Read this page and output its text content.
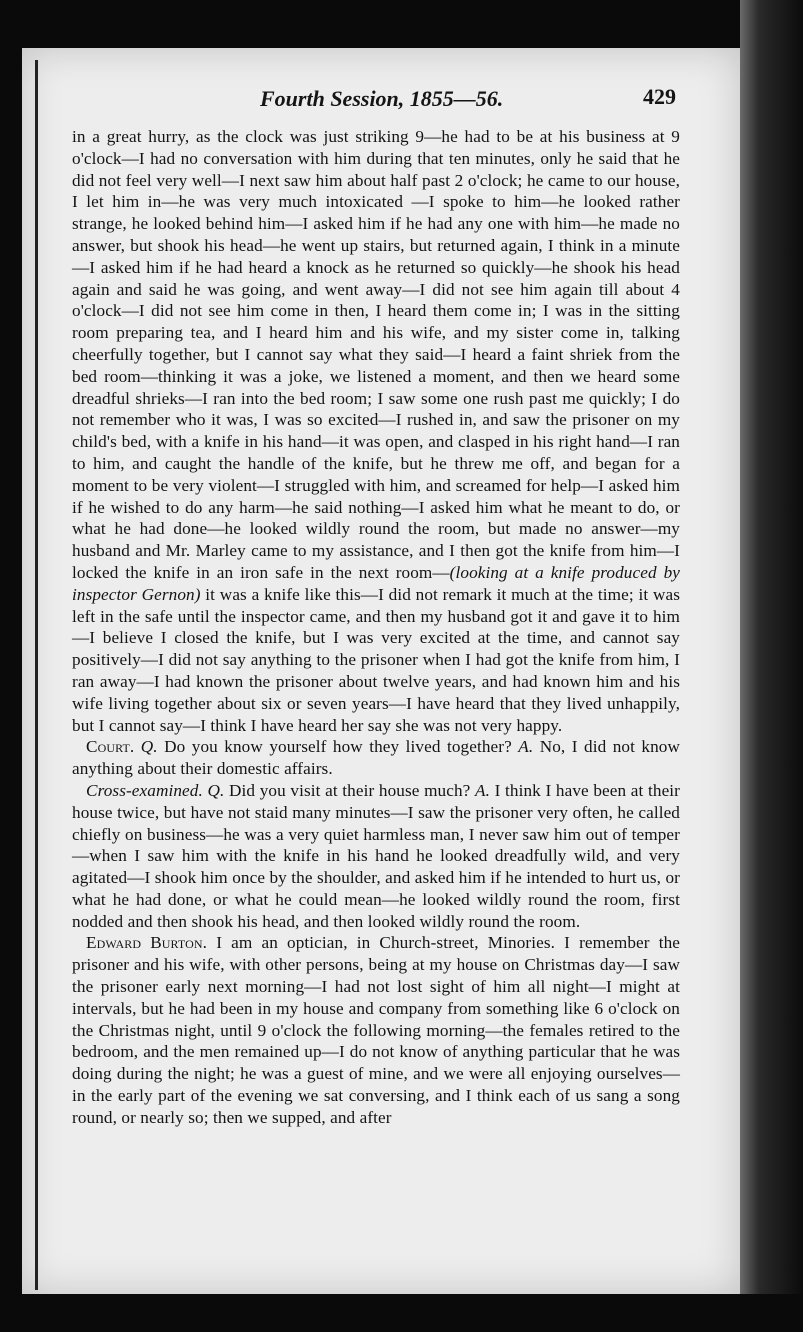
Fourth Session, 1855—56.	429

in a great hurry, as the clock was just striking 9—he had to be at his business at 9 o'clock—I had no conversation with him during that ten minutes, only he said that he did not feel very well—I next saw him about half past 2 o'clock; he came to our house, I let him in—he was very much intoxicated —I spoke to him—he looked rather strange, he looked behind him—I asked him if he had any one with him—he made no answer, but shook his head—he went up stairs, but returned again, I think in a minute—I asked him if he had heard a knock as he returned so quickly—he shook his head again and said he was going, and went away—I did not see him again till about 4 o'clock—I did not see him come in then, I heard them come in; I was in the sitting room preparing tea, and I heard him and his wife, and my sister come in, talking cheerfully together, but I cannot say what they said—I heard a faint shriek from the bed room—thinking it was a joke, we listened a moment, and then we heard some dreadful shrieks—I ran into the bed room; I saw some one rush past me quickly; I do not remember who it was, I was so excited—I rushed in, and saw the prisoner on my child's bed, with a knife in his hand—it was open, and clasped in his right hand—I ran to him, and caught the handle of the knife, but he threw me off, and began for a moment to be very violent—I struggled with him, and screamed for help—I asked him if he wished to do any harm—he said nothing—I asked him what he meant to do, or what he had done—he looked wildly round the room, but made no answer—my husband and Mr. Marley came to my assistance, and I then got the knife from him—I locked the knife in an iron safe in the next room—(looking at a knife produced by inspector Gernon) it was a knife like this—I did not remark it much at the time; it was left in the safe until the inspector came, and then my husband got it and gave it to him—I believe I closed the knife, but I was very excited at the time, and cannot say positively—I did not say anything to the prisoner when I had got the knife from him, I ran away—I had known the prisoner about twelve years, and had known him and his wife living together about six or seven years—I have heard that they lived unhappily, but I cannot say—I think I have heard her say she was not very happy.

Court. Q. Do you know yourself how they lived together? A. No, I did not know anything about their domestic affairs.

Cross-examined. Q. Did you visit at their house much? A. I think I have been at their house twice, but have not staid many minutes—I saw the prisoner very often, he called chiefly on business—he was a very quiet harmless man, I never saw him out of temper—when I saw him with the knife in his hand he looked dreadfully wild, and very agitated—I shook him once by the shoulder, and asked him if he intended to hurt us, or what he had done, or what he could mean—he looked wildly round the room, first nodded and then shook his head, and then looked wildly round the room.

Edward Burton. I am an optician, in Church-street, Minories. I remember the prisoner and his wife, with other persons, being at my house on Christmas day—I saw the prisoner early next morning—I had not lost sight of him all night—I might at intervals, but he had been in my house and company from something like 6 o'clock on the Christmas night, until 9 o'clock the following morning—the females retired to the bedroom, and the men remained up—I do not know of anything particular that he was doing during the night; he was a guest of mine, and we were all enjoying ourselves—in the early part of the evening we sat conversing, and I think each of us sang a song round, or nearly so; then we supped, and after
